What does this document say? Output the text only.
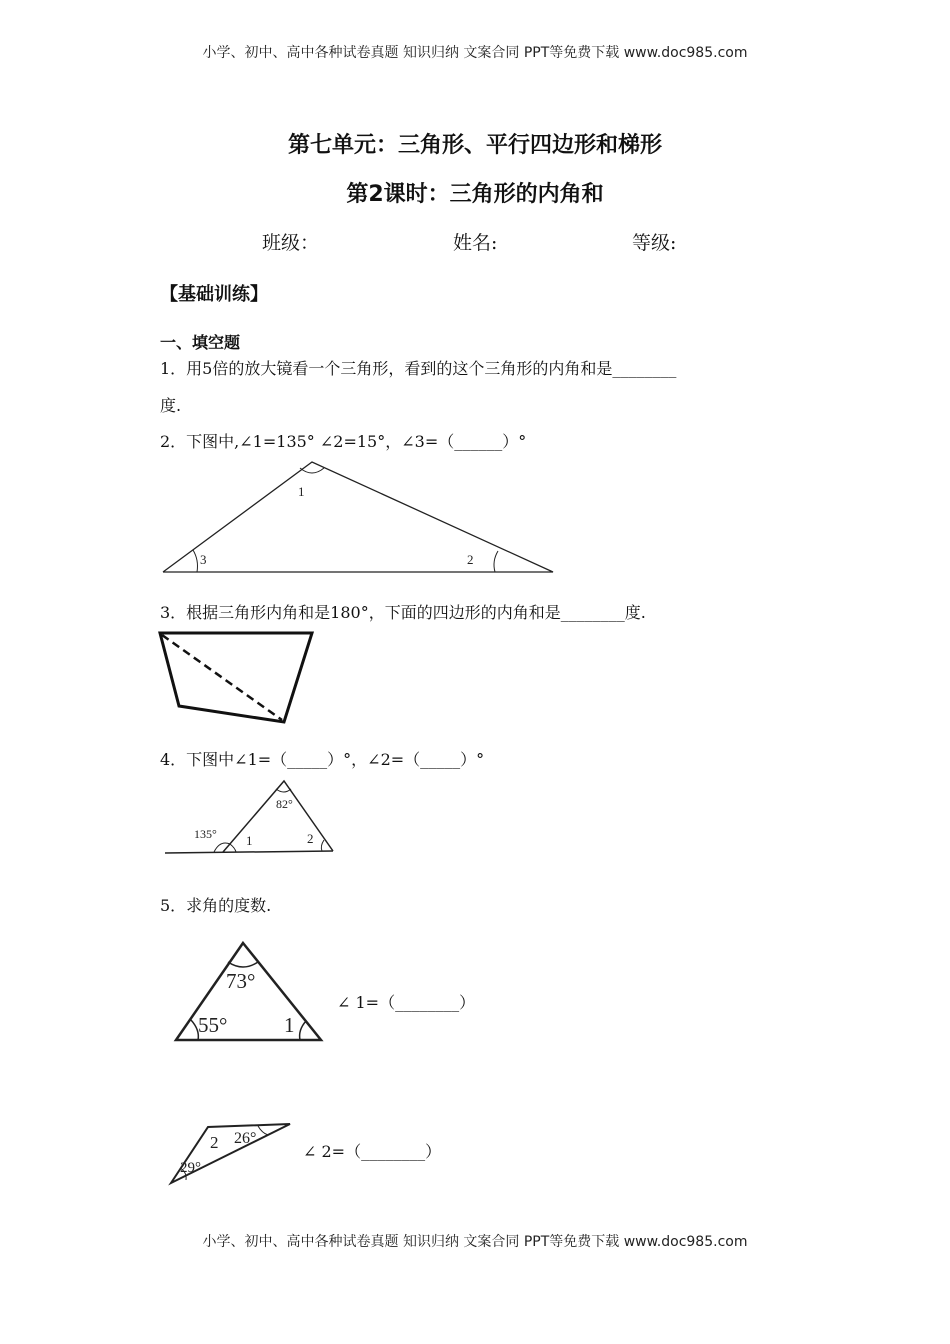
小学、初中、高中各种试卷真题 知识归纳 文案合同 PPT等免费下载 www.doc985.com
第七单元：三角形、平行四边形和梯形
第2课时：三角形的内角和
班级：	姓名:	等级:
【基础训练】
一、填空题
1．用5倍的放大镜看一个三角形，看到的这个三角形的内角和是________
度.
2．下图中,∠1=135° ∠2=15°，∠3=（______）°
1
3	2
82°
135° 1	2
73°
55°	1
2 26°
29°
3．根据三角形内角和是180°，下面的四边形的内角和是________度.
4．下图中∠1=（_____）°，∠2=（_____）°
5．求角的度数.
∠ 1=（________）
∠ 2=（________）
小学、初中、高中各种试卷真题 知识归纳 文案合同 PPT等免费下载 www.doc985.com
